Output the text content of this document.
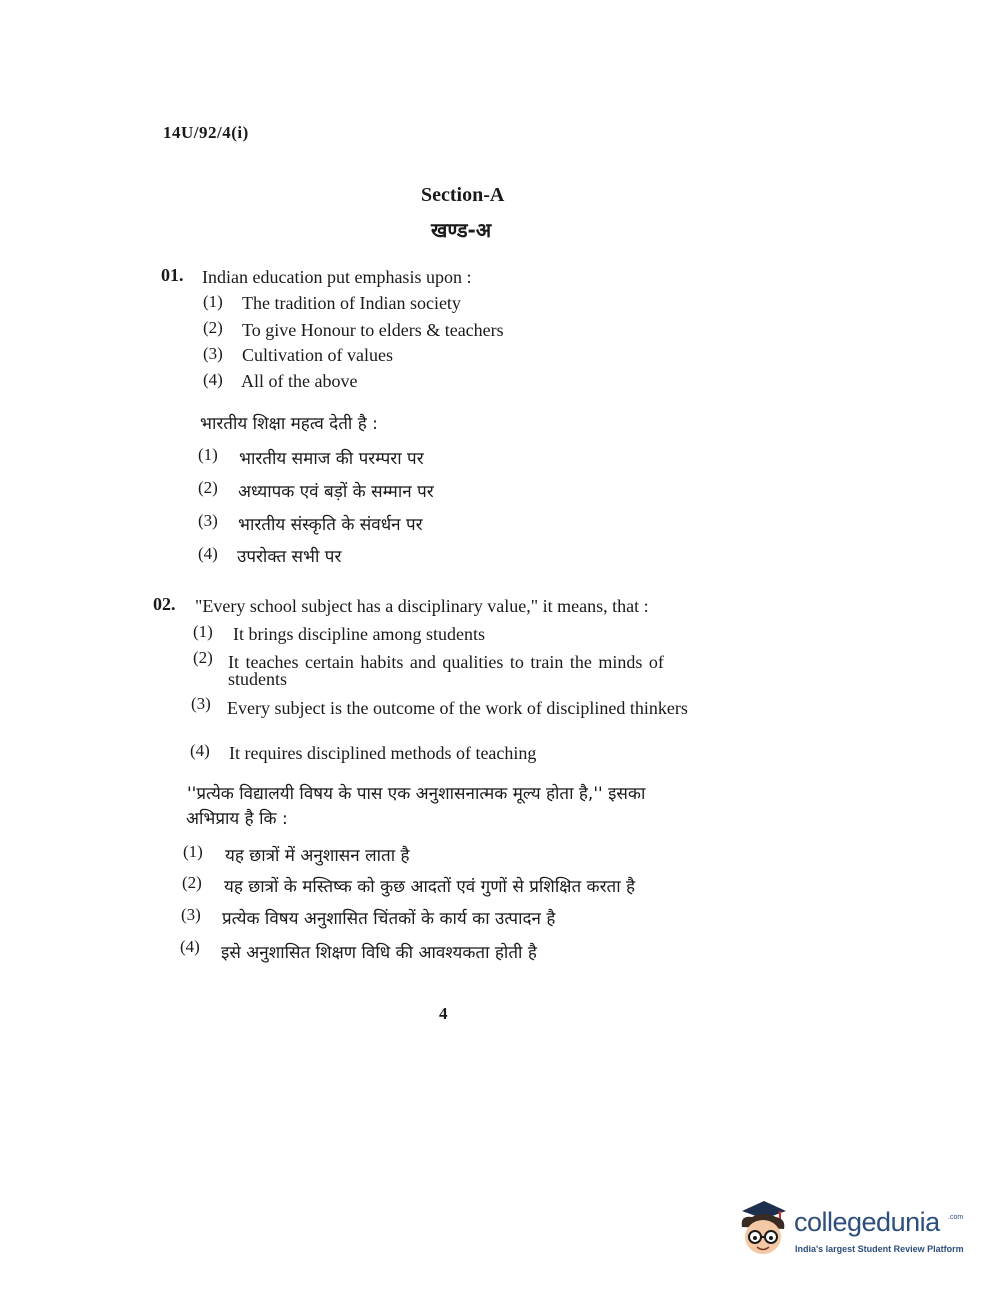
14U/92/4(i)
Section-A
खण्ड-अ
01. Indian education put emphasis upon :
(1) The tradition of Indian society
(2) To give Honour to elders & teachers
(3) Cultivation of values
(4) All of the above
भारतीय शिक्षा महत्व देती है :
(1) भारतीय समाज की परम्परा पर
(2) अध्यापक एवं बड़ों के सम्मान पर
(3) भारतीय संस्कृति के संवर्धन पर
(4) उपरोक्त सभी पर
02. "Every school subject has a disciplinary value," it means, that :
(1) It brings discipline among students
(2) It teaches certain habits and qualities to train the minds of
students
(3) Every subject is the outcome of the work of disciplined thinkers
(4) It requires disciplined methods of teaching
''प्रत्येक विद्यालयी विषय के पास एक अनुशासनात्मक मूल्य होता है,'' इसका
अभिप्राय है कि :
(1) यह छात्रों में अनुशासन लाता है
(2) यह छात्रों के मस्तिष्क को कुछ आदतों एवं गुणों से प्रशिक्षित करता है
(3) प्रत्येक विषय अनुशासित चिंतकों के कार्य का उत्पादन है
(4) इसे अनुशासित शिक्षण विधि की आवश्यकता होती है
4
collegedunia .com
India's largest Student Review Platform
